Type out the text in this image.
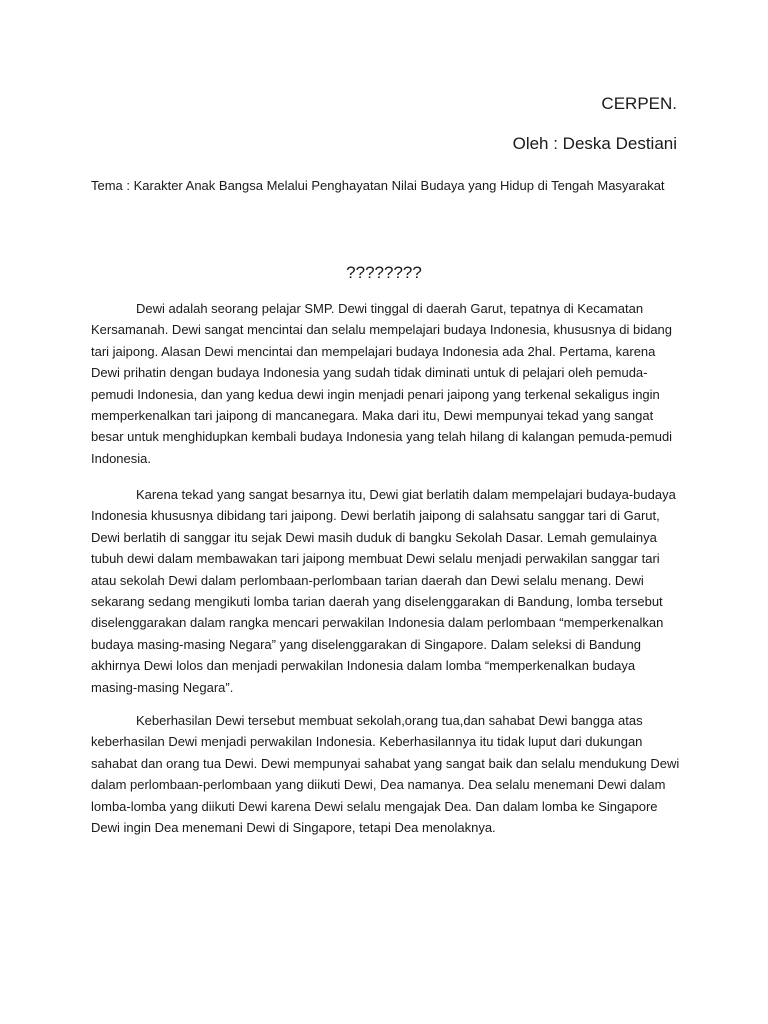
CERPEN.
Oleh : Deska Destiani
Tema : Karakter Anak Bangsa Melalui Penghayatan Nilai Budaya yang Hidup di Tengah Masyarakat
????????

Dewi adalah seorang pelajar SMP. Dewi tinggal di daerah Garut, tepatnya di Kecamatan Kersamanah. Dewi sangat mencintai dan selalu mempelajari budaya Indonesia, khususnya di bidang tari jaipong. Alasan Dewi mencintai dan mempelajari budaya Indonesia ada 2hal. Pertama, karena Dewi prihatin dengan budaya Indonesia yang sudah tidak diminati untuk di pelajari oleh pemuda-pemudi Indonesia, dan yang kedua dewi ingin menjadi penari jaipong yang terkenal sekaligus ingin memperkenalkan tari jaipong di mancanegara. Maka dari itu, Dewi mempunyai tekad yang sangat besar untuk menghidupkan kembali budaya Indonesia yang telah hilang di kalangan pemuda-pemudi Indonesia.

Karena tekad yang sangat besarnya itu, Dewi giat berlatih dalam mempelajari budaya-budaya Indonesia khususnya dibidang tari jaipong. Dewi berlatih jaipong di salahsatu sanggar tari di Garut, Dewi berlatih di sanggar itu sejak Dewi masih duduk di bangku Sekolah Dasar. Lemah gemulainya tubuh dewi dalam membawakan tari jaipong membuat Dewi selalu menjadi perwakilan sanggar tari atau sekolah Dewi dalam perlombaan-perlombaan tarian daerah dan Dewi selalu menang. Dewi sekarang sedang mengikuti lomba tarian daerah yang diselenggarakan di Bandung, lomba tersebut diselenggarakan dalam rangka mencari perwakilan Indonesia dalam perlombaan “memperkenalkan budaya masing-masing Negara” yang diselenggarakan di Singapore. Dalam seleksi di Bandung akhirnya Dewi lolos dan menjadi perwakilan Indonesia dalam lomba “memperkenalkan budaya masing-masing Negara”.

Keberhasilan Dewi tersebut membuat sekolah,orang tua,dan sahabat Dewi bangga atas keberhasilan Dewi menjadi perwakilan Indonesia. Keberhasilannya itu tidak luput dari dukungan sahabat dan orang tua Dewi. Dewi mempunyai sahabat yang sangat baik dan selalu mendukung Dewi dalam perlombaan-perlombaan yang diikuti Dewi, Dea namanya. Dea selalu menemani Dewi dalam lomba-lomba yang diikuti Dewi karena Dewi selalu mengajak Dea. Dan dalam lomba ke Singapore Dewi ingin Dea menemani Dewi di Singapore, tetapi Dea menolaknya.
